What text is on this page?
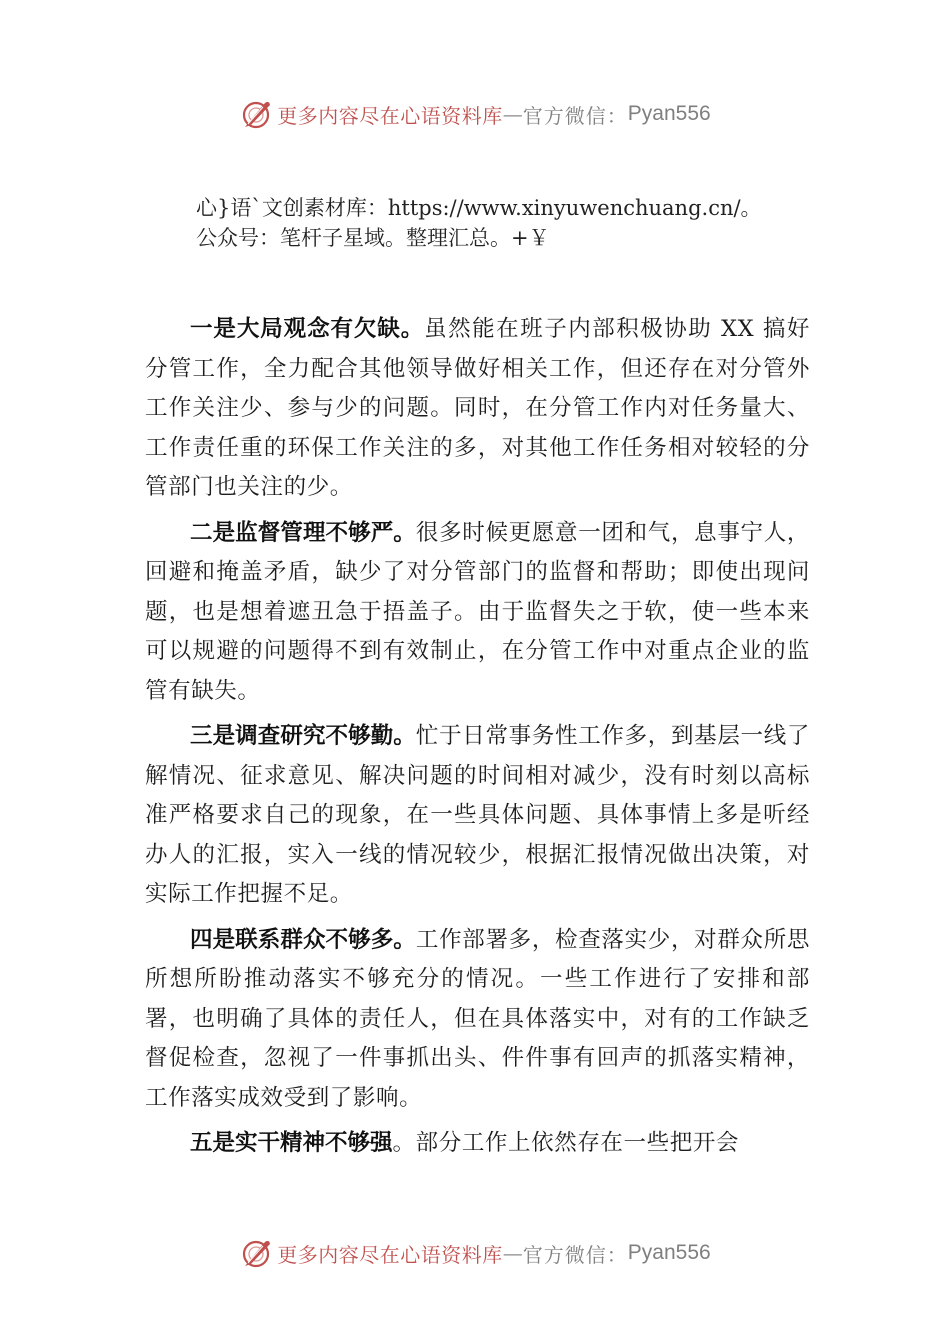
更多内容尽在心语资料库 — 官方微信： Pyan556
心}语`文创素材库：https://www.xinyuwenchuang.cn/。
公众号：笔杆子星域。整理汇总。+￥

一是大局观念有欠缺。虽然能在班子内部积极协助 XX 搞好分管工作，全力配合其他领导做好相关工作，但还存在对分管外工作关注少、参与少的问题。同时，在分管工作内对任务量大、工作责任重的环保工作关注的多，对其他工作任务相对较轻的分管部门也关注的少。

二是监督管理不够严。很多时候更愿意一团和气，息事宁人，回避和掩盖矛盾，缺少了对分管部门的监督和帮助；即使出现问题，也是想着遮丑急于捂盖子。由于监督失之于软，使一些本来可以规避的问题得不到有效制止，在分管工作中对重点企业的监管有缺失。

三是调查研究不够勤。忙于日常事务性工作多，到基层一线了解情况、征求意见、解决问题的时间相对减少，没有时刻以高标准严格要求自己的现象，在一些具体问题、具体事情上多是听经办人的汇报，实入一线的情况较少，根据汇报情况做出决策，对实际工作把握不足。

四是联系群众不够多。工作部署多，检查落实少，对群众所思所想所盼推动落实不够充分的情况。一些工作进行了安排和部署，也明确了具体的责任人，但在具体落实中，对有的工作缺乏督促检查，忽视了一件事抓出头、件件事有回声的抓落实精神，工作落实成效受到了影响。

五是实干精神不够强。部分工作上依然存在一些把开会

更多内容尽在心语资料库 — 官方微信： Pyan556
